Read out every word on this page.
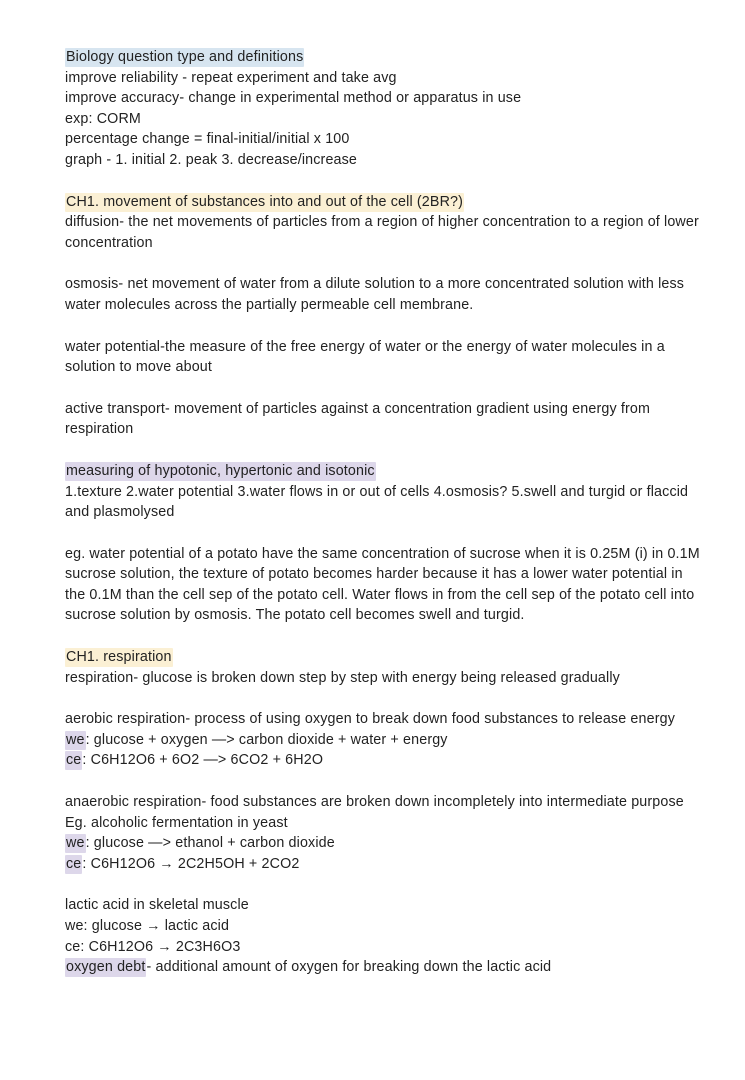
Biology question type and definitions
improve reliability - repeat experiment and take avg
improve accuracy- change in experimental method or apparatus in use
exp: CORM
percentage change = final-initial/initial x 100
graph - 1. initial 2. peak 3. decrease/increase
CH1. movement of substances into and out of the cell (2BR?)
diffusion- the net movements of particles from a region of higher concentration to a region of lower concentration
osmosis- net movement of water from a dilute solution to a more concentrated solution with less water molecules across the partially permeable cell membrane.
water potential-the measure of the free energy of water or the energy of water molecules in a solution to move about
active transport- movement of particles against a concentration gradient using energy from respiration
measuring of hypotonic, hypertonic and isotonic
1.texture 2.water potential 3.water flows in or out of cells 4.osmosis? 5.swell and turgid or flaccid and plasmolysed
eg. water potential of a potato have the same concentration of sucrose when it is 0.25M (i) in 0.1M sucrose solution, the texture of potato becomes harder because it has a lower water potential in the 0.1M than the cell sep of the potato cell. Water flows in from the cell sep of the potato cell into sucrose solution by osmosis. The potato cell becomes swell and turgid.
CH1. respiration
respiration- glucose is broken down step by step with energy being released gradually
aerobic respiration- process of using oxygen to break down food substances to release energy
we: glucose + oxygen —> carbon dioxide + water + energy
ce: C6H12O6 + 6O2 —> 6CO2 + 6H2O
anaerobic respiration- food substances are broken down incompletely into intermediate purpose
Eg. alcoholic fermentation in yeast
we: glucose —> ethanol + carbon dioxide
ce: C6H12O6 → 2C2H5OH + 2CO2
lactic acid in skeletal muscle
we: glucose → lactic acid
ce: C6H12O6 → 2C3H6O3
oxygen debt- additional amount of oxygen for breaking down the lactic acid
